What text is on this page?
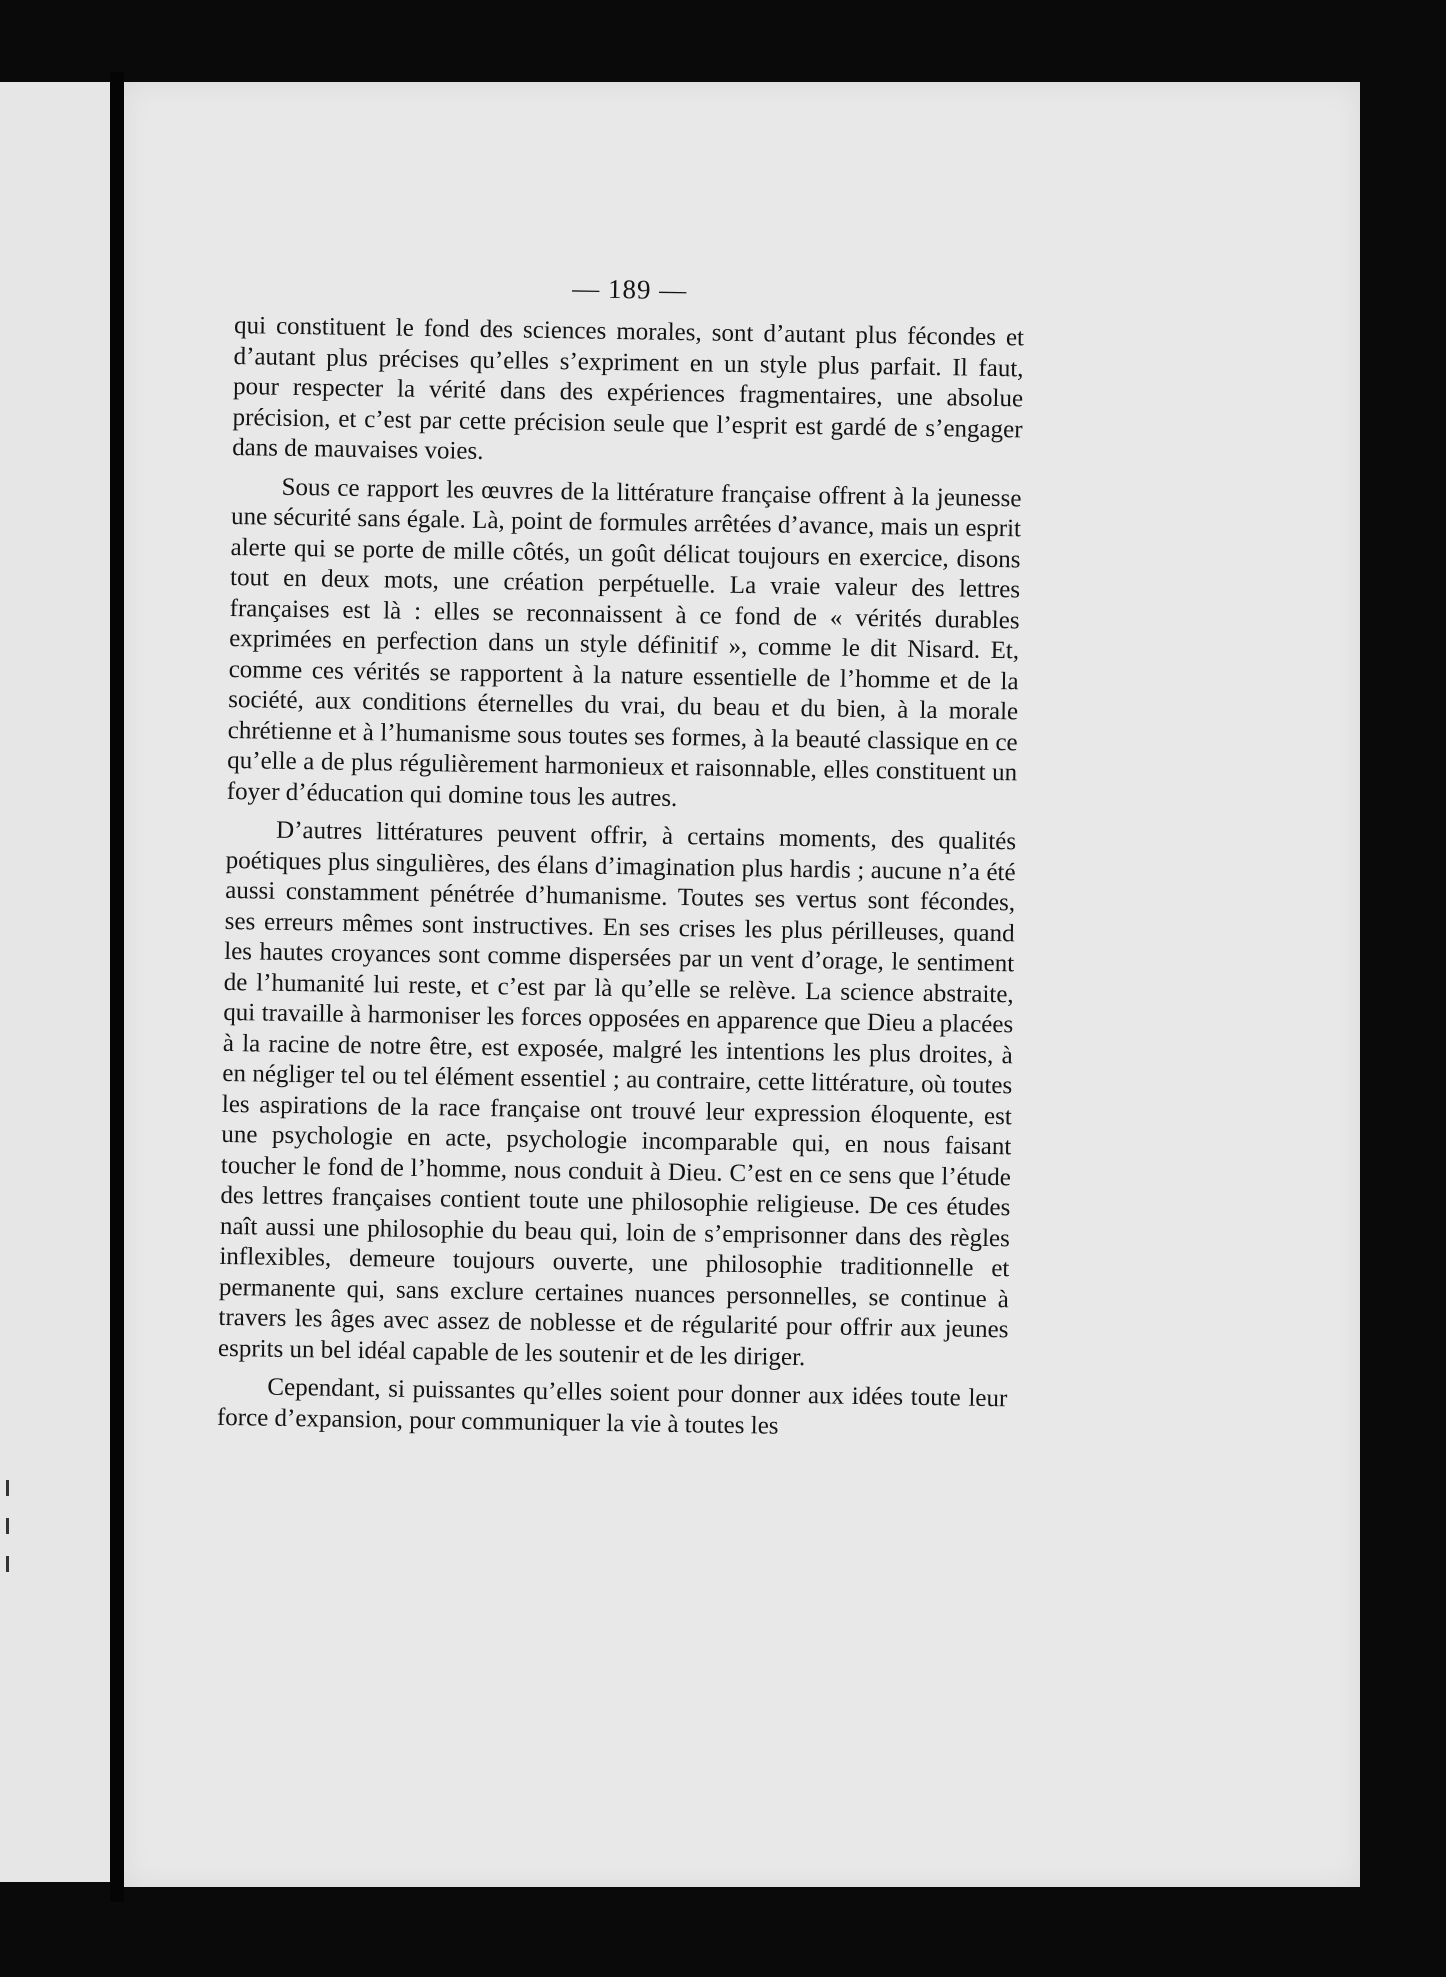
— 189 —

qui constituent le fond des sciences morales, sont d’autant plus fécondes et d’autant plus précises qu’elles s’expriment en un style plus parfait. Il faut, pour respecter la vérité dans des expériences fragmentaires, une absolue précision, et c’est par cette précision seule que l’esprit est gardé de s’engager dans de mauvaises voies.

Sous ce rapport les œuvres de la littérature française offrent à la jeunesse une sécurité sans égale. Là, point de formules arrêtées d’avance, mais un esprit alerte qui se porte de mille côtés, un goût délicat toujours en exercice, disons tout en deux mots, une création perpétuelle. La vraie valeur des lettres françaises est là : elles se reconnaissent à ce fond de « vérités durables exprimées en perfection dans un style définitif », comme le dit Nisard. Et, comme ces vérités se rapportent à la nature essentielle de l’homme et de la société, aux conditions éternelles du vrai, du beau et du bien, à la morale chrétienne et à l’humanisme sous toutes ses formes, à la beauté classique en ce qu’elle a de plus régulièrement harmonieux et raisonnable, elles constituent un foyer d’éducation qui domine tous les autres.

D’autres littératures peuvent offrir, à certains moments, des qualités poétiques plus singulières, des élans d’imagination plus hardis ; aucune n’a été aussi constamment pénétrée d’humanisme. Toutes ses vertus sont fécondes, ses erreurs mêmes sont instructives. En ses crises les plus périlleuses, quand les hautes croyances sont comme dispersées par un vent d’orage, le sentiment de l’humanité lui reste, et c’est par là qu’elle se relève. La science abstraite, qui travaille à harmoniser les forces opposées en apparence que Dieu a placées à la racine de notre être, est exposée, malgré les intentions les plus droites, à en négliger tel ou tel élément essentiel ; au contraire, cette littérature, où toutes les aspirations de la race française ont trouvé leur expression éloquente, est une psychologie en acte, psychologie incomparable qui, en nous faisant toucher le fond de l’homme, nous conduit à Dieu. C’est en ce sens que l’étude des lettres françaises contient toute une philosophie religieuse. De ces études naît aussi une philosophie du beau qui, loin de s’emprisonner dans des règles inflexibles, demeure toujours ouverte, une philosophie traditionnelle et permanente qui, sans exclure certaines nuances personnelles, se continue à travers les âges avec assez de noblesse et de régularité pour offrir aux jeunes esprits un bel idéal capable de les soutenir et de les diriger.

Cependant, si puissantes qu’elles soient pour donner aux idées toute leur force d’expansion, pour communiquer la vie à toutes les
